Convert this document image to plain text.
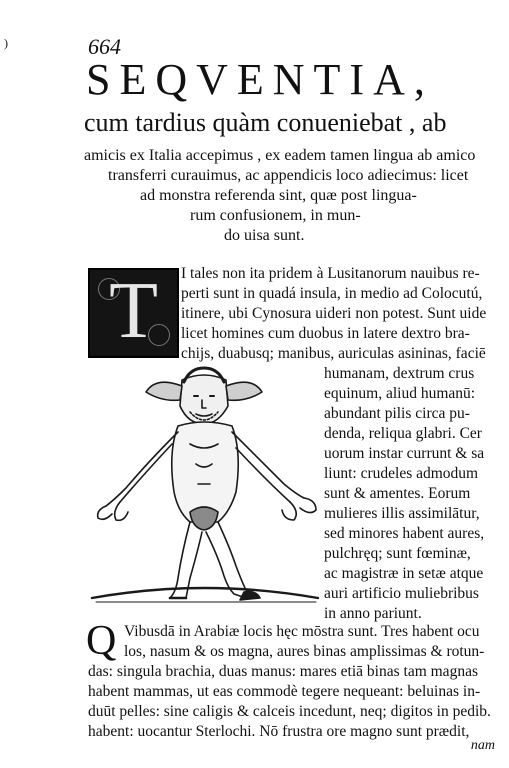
)	664
SEQVENTIA,
cum tardius quàm conueniebat , ab
amicis ex Italia accepimus , ex eadem tamen lingua ab amico
transferri curauimus, ac appendicis loco adiecimus: licet
ad monstra referenda sint, quæ post lingua-
rum confusionem, in mun-
do uisa sunt.
T	I tales non ita pridem à Lusitanorum nauibus re-
perti sunt in quadá insula, in medio ad Colocutú,
itinere, ubi Cynosura uideri non potest. Sunt uide
licet homines cum duobus in latere dextro bra-
chijs, duabusq; manibus, auriculas asininas, faciē
humanam, dextrum crus
equinum, aliud humanū:
abundant pilis circa pu-
denda, reliqua glabri. Cer
uorum instar currunt & sa
liunt: crudeles admodum
sunt & amentes. Eorum
mulieres illis assimilātur,
sed minores habent aures,
pulchręq; sunt fœminæ,
ac magistræ in setæ atque
auri artificio muliebribus
in anno pariunt.
Q Vibusdā in Arabiæ locis hęc mōstra sunt. Tres habent ocu
los, nasum & os magna, aures binas amplissimas & rotun-
das: singula brachia, duas manus: mares etiā binas tam magnas
habent mammas, ut eas commodè tegere nequeant: beluinas in-
duūt pelles: sine caligis & calceis incedunt, neq; digitos in pedib.
habent: uocantur Sterlochi. Nō frustra ore magno sunt prædit,
nam
